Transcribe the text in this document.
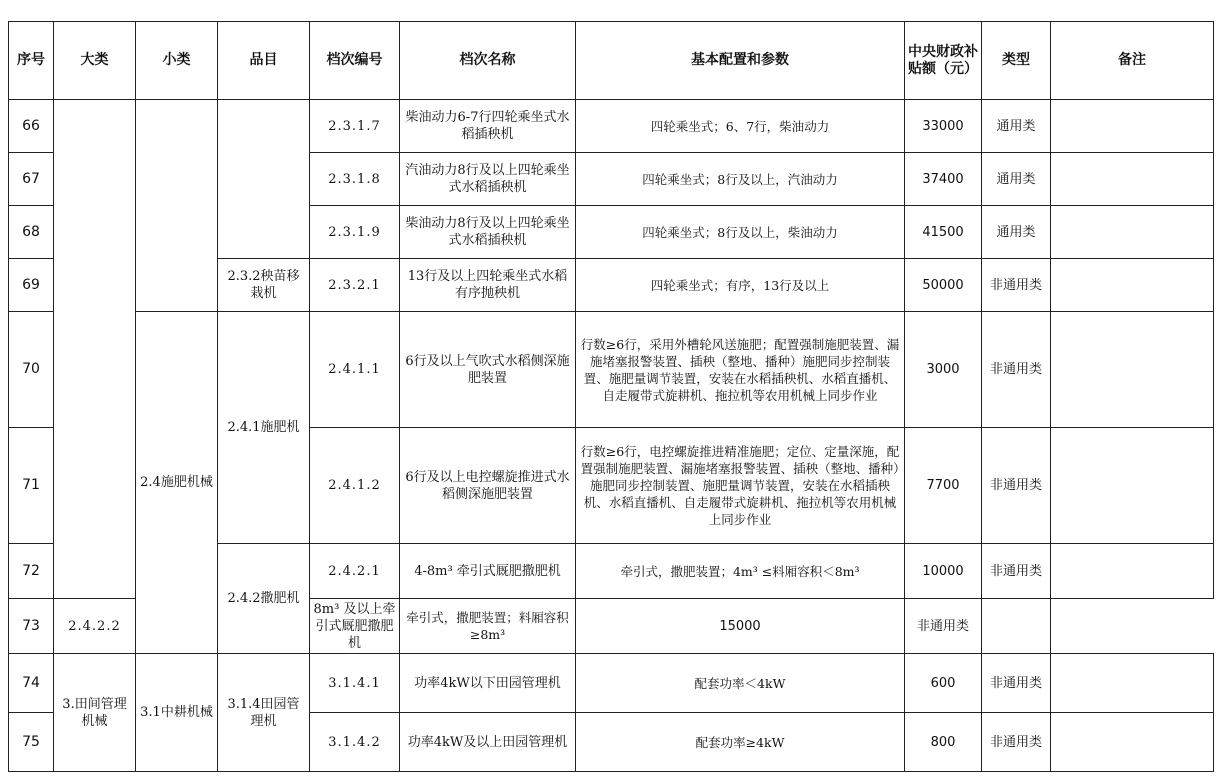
序号	大类	小类	品目	档次编号	档次名称	基本配置和参数	中央财政补贴额（元）	类型	备注
66				2.3.1.7	柴油动力6-7行四轮乘坐式水稻插秧机	四轮乘坐式；6、7行，柴油动力	33000	通用类	
67				2.3.1.8	汽油动力8行及以上四轮乘坐式水稻插秧机	四轮乘坐式；8行及以上，汽油动力	37400	通用类	
68				2.3.1.9	柴油动力8行及以上四轮乘坐式水稻插秧机	四轮乘坐式；8行及以上，柴油动力	41500	通用类	
69			2.3.2秧苗移栽机	2.3.2.1	13行及以上四轮乘坐式水稻有序抛秧机	四轮乘坐式；有序，13行及以上	50000	非通用类	
70		2.4施肥机械	2.4.1施肥机	2.4.1.1	6行及以上气吹式水稻侧深施肥装置	行数≥6行，采用外槽轮风送施肥；配置强制施肥装置、漏施堵塞报警装置、插秧（整地、播种）施肥同步控制装置、施肥量调节装置，安装在水稻插秧机、水稻直播机、自走履带式旋耕机、拖拉机等农用机械上同步作业	3000	非通用类	
71				2.4.1.2	6行及以上电控螺旋推进式水稻侧深施肥装置	行数≥6行，电控螺旋推进精准施肥；定位、定量深施，配置强制施肥装置、漏施堵塞报警装置、插秧（整地、播种）施肥同步控制装置、施肥量调节装置，安装在水稻插秧机、水稻直播机、自走履带式旋耕机、拖拉机等农用机械上同步作业	7700	非通用类	
72			2.4.2撒肥机	2.4.2.1	4-8m³ 牵引式厩肥撒肥机	牵引式，撒肥装置；4m³ ≤料厢容积＜8m³	10000	非通用类	
73	2.4.2.2			8m³ 及以上牵引式厩肥撒肥机	牵引式，撒肥装置；料厢容积≥8m³	15000	非通用类		
74	3.田间管理机械	3.1中耕机械	3.1.4田园管理机	3.1.4.1	功率4kW以下田园管理机	配套功率＜4kW	600	非通用类	
75				3.1.4.2	功率4kW及以上田园管理机	配套功率≥4kW	800	非通用类	
